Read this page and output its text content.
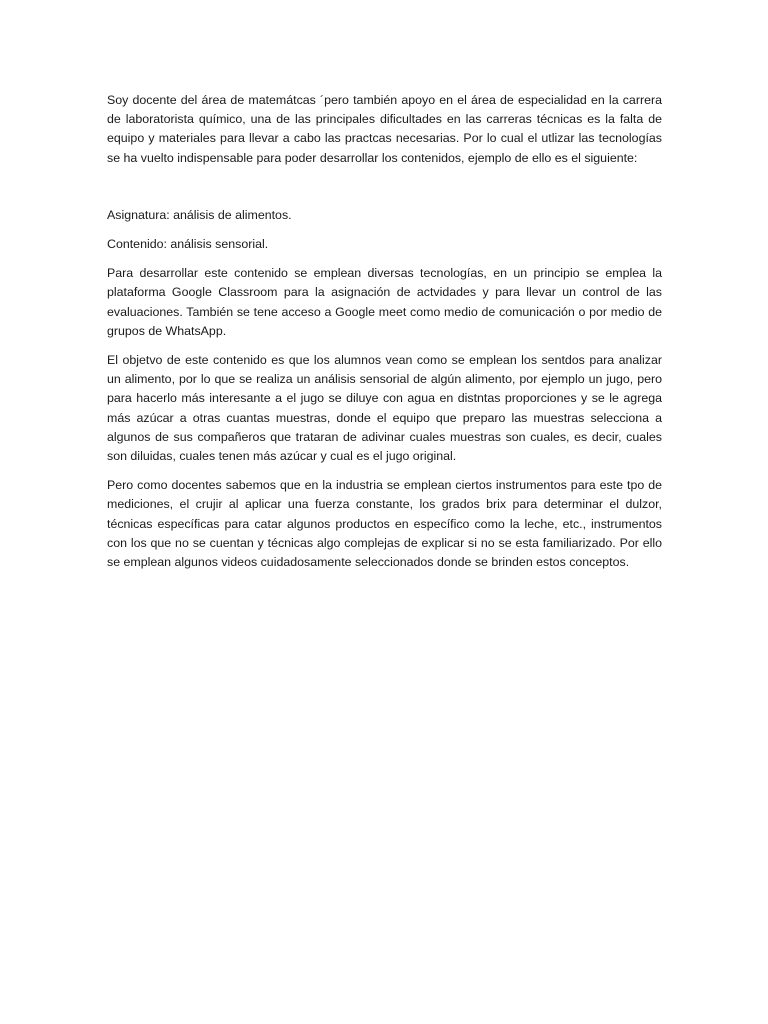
Soy docente del área de matemátcas ´pero también apoyo en el área de especialidad en la carrera de laboratorista químico, una de las principales dificultades en las carreras técnicas es la falta de equipo y materiales para llevar a cabo las practcas necesarias. Por lo cual el utlizar las tecnologías se ha vuelto indispensable para poder desarrollar los contenidos, ejemplo de ello es el siguiente:

Asignatura: análisis de alimentos.

Contenido: análisis sensorial.

Para desarrollar este contenido se emplean diversas tecnologías, en un principio se emplea la plataforma Google Classroom para la asignación de actvidades y para llevar un control de las evaluaciones. También se tene acceso a Google meet como medio de comunicación o por medio de grupos de WhatsApp.

El objetvo de este contenido es que los alumnos vean como se emplean los sentdos para analizar un alimento, por lo que se realiza un análisis sensorial de algún alimento, por ejemplo un jugo, pero para hacerlo más interesante a el jugo se diluye con agua en distntas proporciones y se le agrega más azúcar a otras cuantas muestras, donde el equipo que preparo las muestras selecciona a algunos de sus compañeros que trataran de adivinar cuales muestras son cuales, es decir, cuales son diluidas, cuales tenen más azúcar y cual es el jugo original.

Pero como docentes sabemos que en la industria se emplean ciertos instrumentos para este tpo de mediciones, el crujir al aplicar una fuerza constante, los grados brix para determinar el dulzor, técnicas específicas para catar algunos productos en específico como la leche, etc., instrumentos con los que no se cuentan y técnicas algo complejas de explicar si no se esta familiarizado. Por ello se emplean algunos videos cuidadosamente seleccionados donde se brinden estos conceptos.
